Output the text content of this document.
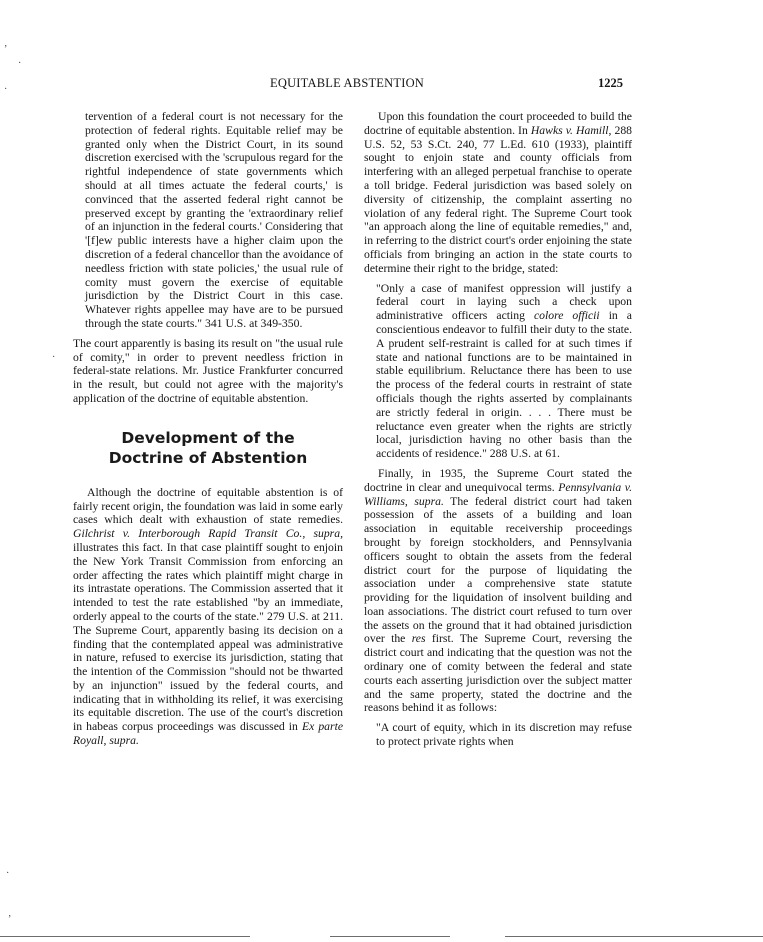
EQUITABLE ABSTENTION	1225
‚
·
·
·
·
‚

tervention of a federal court is not necessary for the protection of federal rights. Equitable relief may be granted only when the District Court, in its sound discretion exercised with the 'scrupulous regard for the rightful independence of state governments which should at all times actuate the federal courts,' is convinced that the asserted federal right cannot be preserved except by granting the 'extraordinary relief of an injunction in the federal courts.' Considering that '[f]ew public interests have a higher claim upon the discretion of a federal chancellor than the avoidance of needless friction with state policies,' the usual rule of comity must govern the exercise of equitable jurisdiction by the District Court in this case. Whatever rights appellee may have are to be pursued through the state courts." 341 U.S. at 349-350.

The court apparently is basing its result on "the usual rule of comity," in order to prevent needless friction in federal-state relations. Mr. Justice Frankfurter concurred in the result, but could not agree with the majority's application of the doctrine of equitable abstention.

Development of the
Doctrine of Abstention

Although the doctrine of equitable abstention is of fairly recent origin, the foundation was laid in some early cases which dealt with exhaustion of state remedies. Gilchrist v. Interborough Rapid Transit Co., supra, illustrates this fact. In that case plaintiff sought to enjoin the New York Transit Commission from enforcing an order affecting the rates which plaintiff might charge in its intrastate operations. The Commission asserted that it intended to test the rate established "by an immediate, orderly appeal to the courts of the state." 279 U.S. at 211. The Supreme Court, apparently basing its decision on a finding that the contemplated appeal was administrative in nature, refused to exercise its jurisdiction, stating that the intention of the Commission "should not be thwarted by an injunction" issued by the federal courts, and indicating that in withholding its relief, it was exercising its equitable discretion. The use of the court's discretion in habeas corpus proceedings was discussed in Ex parte Royall, supra.

Upon this foundation the court proceeded to build the doctrine of equitable abstention. In Hawks v. Hamill, 288 U.S. 52, 53 S.Ct. 240, 77 L.Ed. 610 (1933), plaintiff sought to enjoin state and county officials from interfering with an alleged perpetual franchise to operate a toll bridge. Federal jurisdiction was based solely on diversity of citizenship, the complaint asserting no violation of any federal right. The Supreme Court took "an approach along the line of equitable remedies," and, in referring to the district court's order enjoining the state officials from bringing an action in the state courts to determine their right to the bridge, stated:

"Only a case of manifest oppression will justify a federal court in laying such a check upon administrative officers acting colore officii in a conscientious endeavor to fulfill their duty to the state. A prudent self-restraint is called for at such times if state and national functions are to be maintained in stable equilibrium. Reluctance there has been to use the process of the federal courts in restraint of state officials though the rights asserted by complainants are strictly federal in origin. . . . There must be reluctance even greater when the rights are strictly local, jurisdiction having no other basis than the accidents of residence." 288 U.S. at 61.

Finally, in 1935, the Supreme Court stated the doctrine in clear and unequivocal terms. Pennsylvania v. Williams, supra. The federal district court had taken possession of the assets of a building and loan association in equitable receivership proceedings brought by foreign stockholders, and Pennsylvania officers sought to obtain the assets from the federal district court for the purpose of liquidating the association under a comprehensive state statute providing for the liquidation of insolvent building and loan associations. The district court refused to turn over the assets on the ground that it had obtained jurisdiction over the res first. The Supreme Court, reversing the district court and indicating that the question was not the ordinary one of comity between the federal and state courts each asserting jurisdiction over the subject matter and the same property, stated the doctrine and the reasons behind it as follows:

"A court of equity, which in its discretion may refuse to protect private rights when
